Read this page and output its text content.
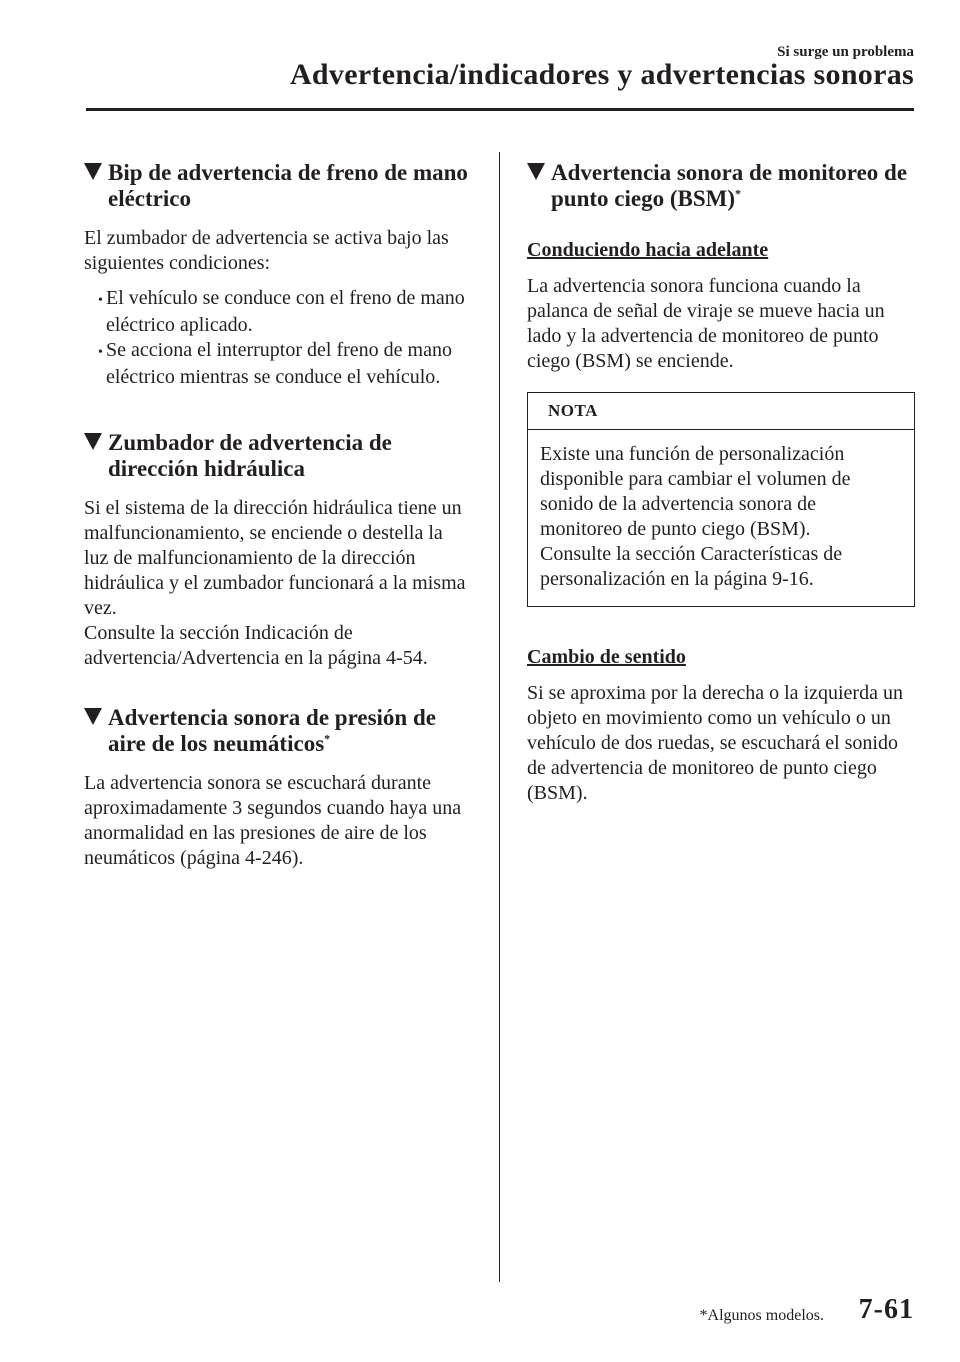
Si surge un problema
Advertencia/indicadores y advertencias sonoras
Bip de advertencia de freno de mano eléctrico

El zumbador de advertencia se activa bajo las siguientes condiciones:

• El vehículo se conduce con el freno de mano eléctrico aplicado.
• Se acciona el interruptor del freno de mano eléctrico mientras se conduce el vehículo.
Zumbador de advertencia de dirección hidráulica

Si el sistema de la dirección hidráulica tiene un malfuncionamiento, se enciende o destella la luz de malfuncionamiento de la dirección hidráulica y el zumbador funcionará a la misma vez.

Consulte la sección Indicación de advertencia/Advertencia en la página 4-54.

Advertencia sonora de presión de aire de los neumáticos*

La advertencia sonora se escuchará durante aproximadamente 3 segundos cuando haya una anormalidad en las presiones de aire de los neumáticos (página 4-246).

Advertencia sonora de monitoreo de punto ciego (BSM)*

Conduciendo hacia adelante

La advertencia sonora funciona cuando la palanca de señal de viraje se mueve hacia un lado y la advertencia de monitoreo de punto ciego (BSM) se enciende.

NOTA

Existe una función de personalización disponible para cambiar el volumen de sonido de la advertencia sonora de monitoreo de punto ciego (BSM).

Consulte la sección Características de personalización en la página 9-16.

Cambio de sentido

Si se aproxima por la derecha o la izquierda un objeto en movimiento como un vehículo o un vehículo de dos ruedas, se escuchará el sonido de advertencia de monitoreo de punto ciego (BSM).

*Algunos modelos. 7-61
